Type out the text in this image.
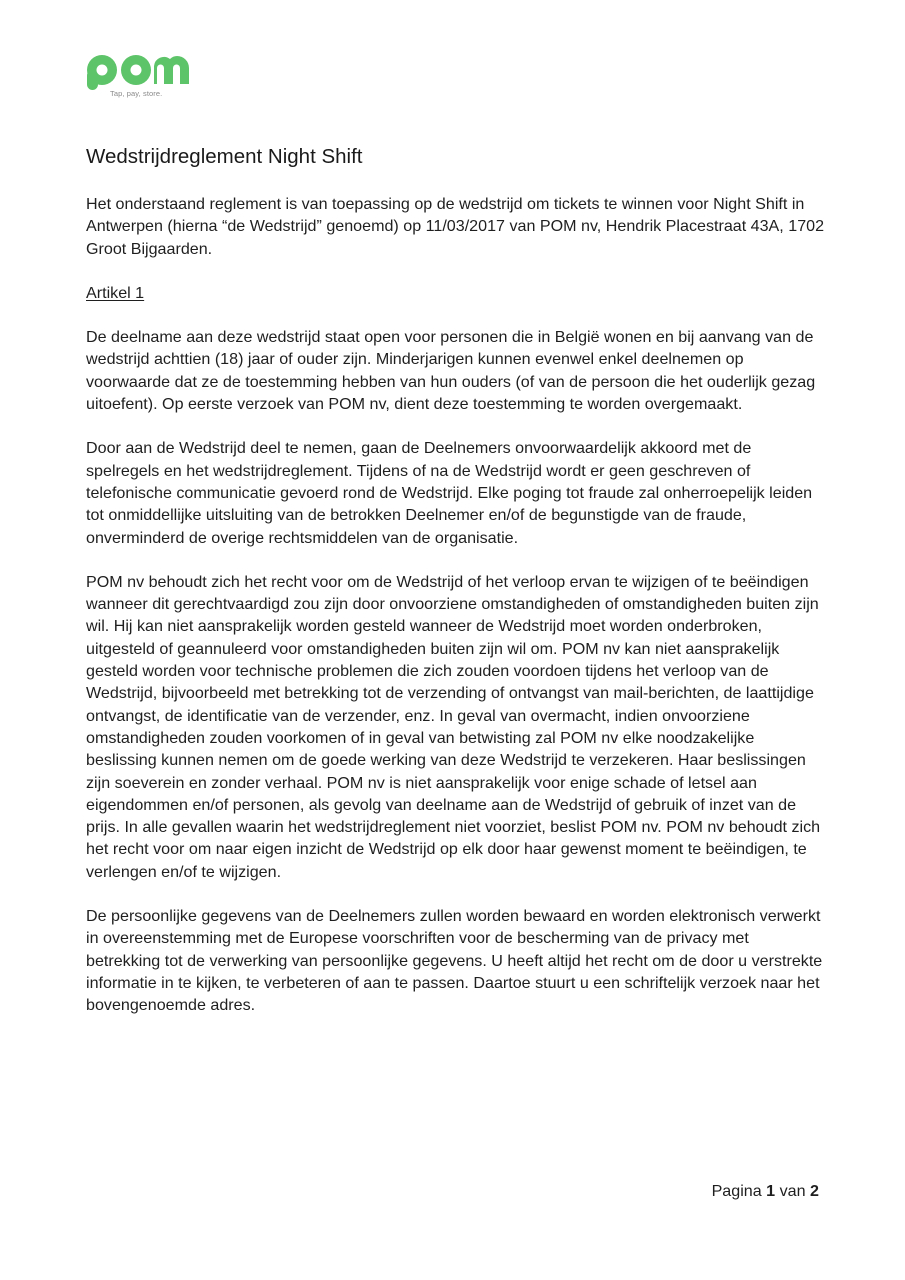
Tap, pay, store.
Wedstrijdreglement Night Shift

Het onderstaand reglement is van toepassing op de wedstrijd om tickets te winnen voor Night Shift in Antwerpen (hierna “de Wedstrijd” genoemd) op 11/03/2017 van POM nv, Hendrik Placestraat 43A, 1702 Groot Bijgaarden.

Artikel 1

De deelname aan deze wedstrijd staat open voor personen die in België wonen en bij aanvang van de wedstrijd achttien (18) jaar of ouder zijn. Minderjarigen kunnen evenwel enkel deelnemen op voorwaarde dat ze de toestemming hebben van hun ouders (of van de persoon die het ouderlijk gezag uitoefent). Op eerste verzoek van POM nv, dient deze toestemming te worden overgemaakt.

Door aan de Wedstrijd deel te nemen, gaan de Deelnemers onvoorwaardelijk akkoord met de spelregels en het wedstrijdreglement. Tijdens of na de Wedstrijd wordt er geen geschreven of telefonische communicatie gevoerd rond de Wedstrijd. Elke poging tot fraude zal onherroepelijk leiden tot onmiddellijke uitsluiting van de betrokken Deelnemer en/of de begunstigde van de fraude, onverminderd de overige rechtsmiddelen van de organisatie.

POM nv behoudt zich het recht voor om de Wedstrijd of het verloop ervan te wijzigen of te beëindigen wanneer dit gerechtvaardigd zou zijn door onvoorziene omstandigheden of omstandigheden buiten zijn wil. Hij kan niet aansprakelijk worden gesteld wanneer de Wedstrijd moet worden onderbroken, uitgesteld of geannuleerd voor omstandigheden buiten zijn wil om. POM nv kan niet aansprakelijk gesteld worden voor technische problemen die zich zouden voordoen tijdens het verloop van de Wedstrijd, bijvoorbeeld met betrekking tot de verzending of ontvangst van mail-berichten, de laattijdige ontvangst, de identificatie van de verzender, enz. In geval van overmacht, indien onvoorziene omstandigheden zouden voorkomen of in geval van betwisting zal POM nv elke noodzakelijke beslissing kunnen nemen om de goede werking van deze Wedstrijd te verzekeren. Haar beslissingen zijn soeverein en zonder verhaal. POM nv is niet aansprakelijk voor enige schade of letsel aan eigendommen en/of personen, als gevolg van deelname aan de Wedstrijd of gebruik of inzet van de prijs. In alle gevallen waarin het wedstrijdreglement niet voorziet, beslist POM nv. POM nv behoudt zich het recht voor om naar eigen inzicht de Wedstrijd op elk door haar gewenst moment te beëindigen, te verlengen en/of te wijzigen.

De persoonlijke gegevens van de Deelnemers zullen worden bewaard en worden elektronisch verwerkt in overeenstemming met de Europese voorschriften voor de bescherming van de privacy met betrekking tot de verwerking van persoonlijke gegevens. U heeft altijd het recht om de door u verstrekte informatie in te kijken, te verbeteren of aan te passen. Daartoe stuurt u een schriftelijk verzoek naar het bovengenoemde adres.

Pagina 1 van 2
